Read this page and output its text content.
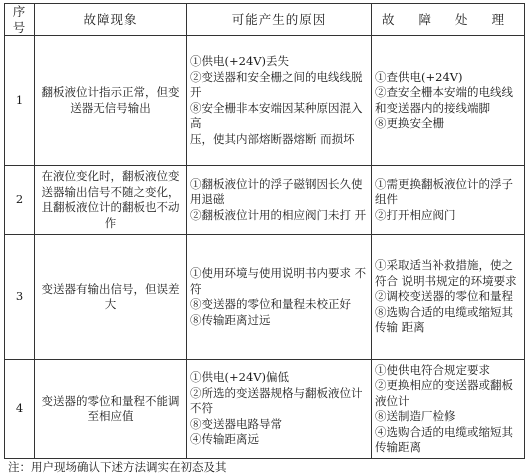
序号	故障现象	可能产生的原因	故 障 处 理
1	翻板液位计指示正常，但变送器无信号输出	①供电(+24V)丢失
②变送器和安全栅之间的电线线脱开
⑧安全栅非本安端因某种原因混入高
压，使其内部熔断器熔断 而损坏	①查供电(+24V)
②查安全栅本安端的电线线和变送器内的接线端脚
⑧更换安全栅

2	在液位变化时，翻板液位变送器输出信号不随之变化，且翻板液位计的翻板也不动作	①翻板液位计的浮子磁钢因长久使用退磁
②翻板液位计用的相应阀门未打 开	①需更换翻板液位计的浮子组件
②打开相应阀门

3	变送器有输出信号，但误差大	①使用环境与使用说明书内要求 不符
⑧变送器的零位和量程未校正好
⑧传输距离过远	①采取适当补救措施，使之符合 说明书规定的环境要求
②调校变送器的零位和量程
⑧选购合适的电缆或缩短其传输 距离

4	变送器的零位和量程不能调至相应值	①供电(+24V)偏低
②所选的变送器规格与翻板液位计不符
⑧变送器电路导常
④传输距离远	①使供电符合规定要求
②更换相应的变送器或翻板液位计
⑧送制造厂检修
④选购合适的电缆或缩短其传输距离
注：用户现场确认下述方法调实在初态及其
